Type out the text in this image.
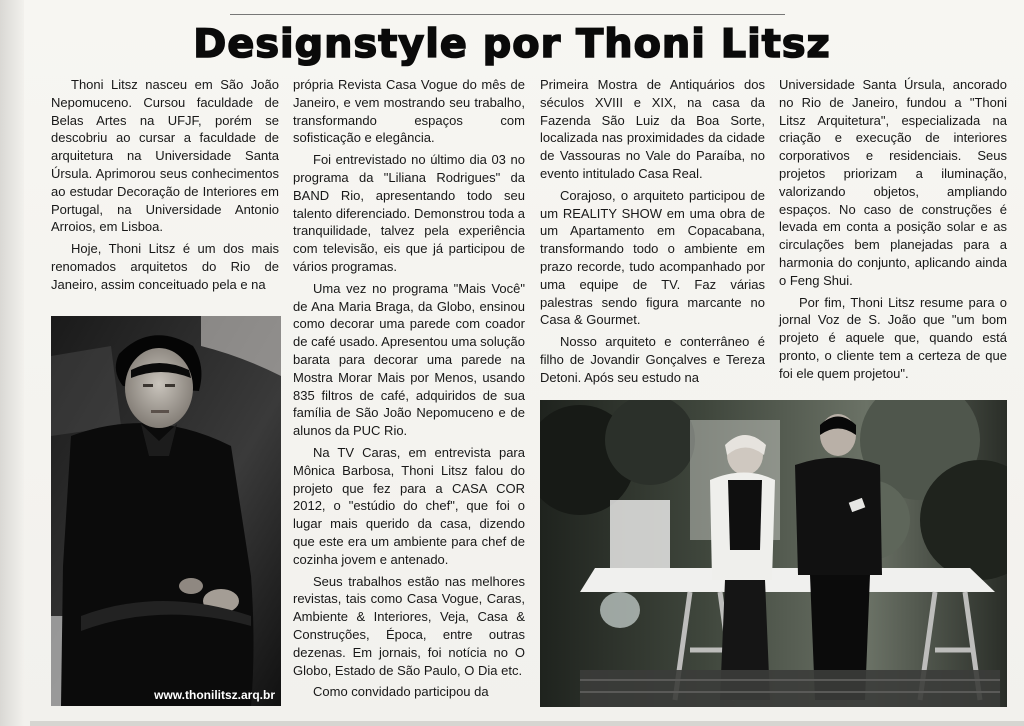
Designstyle por Thoni Litsz

Thoni Litsz nasceu em São João Nepomuceno. Cursou faculdade de Belas Artes na UFJF, porém se descobriu ao cursar a faculdade de arquitetura na Universidade Santa Úrsula. Aprimorou seus conhecimentos ao estudar Decoração de Interiores em Portugal, na Universidade Antonio Arroios, em Lisboa.

Hoje, Thoni Litsz é um dos mais renomados arquitetos do Rio de Janeiro, assim conceituado pela e na

própria Revista Casa Vogue do mês de Janeiro, e vem mostrando seu trabalho, transformando espaços com sofisticação e elegância.

Foi entrevistado no último dia 03 no programa da "Liliana Rodrigues" da BAND Rio, apresentando todo seu talento diferenciado. Demonstrou toda a tranquilidade, talvez pela experiência com televisão, eis que já participou de vários programas.

Uma vez no programa "Mais Você" de Ana Maria Braga, da Globo, ensinou como decorar uma parede com coador de café usado. Apresentou uma solução barata para decorar uma parede na Mostra Morar Mais por Menos, usando 835 filtros de café, adquiridos de sua família de São João Nepomuceno e de alunos da PUC Rio.

Na TV Caras, em entrevista para Mônica Barbosa, Thoni Litsz falou do projeto que fez para a CASA COR 2012, o "estúdio do chef", que foi o lugar mais querido da casa, dizendo que este era um ambiente para chef de cozinha jovem e antenado.

Seus trabalhos estão nas melhores revistas, tais como Casa Vogue, Caras, Ambiente & Interiores, Veja, Casa & Construções, Época, entre outras dezenas. Em jornais, foi notícia no O Globo, Estado de São Paulo, O Dia etc.

Como convidado participou da

Primeira Mostra de Antiquários dos séculos XVIII e XIX, na casa da Fazenda São Luiz da Boa Sorte, localizada nas proximidades da cidade de Vassouras no Vale do Paraíba, no evento intitulado Casa Real.

Corajoso, o arquiteto participou de um REALITY SHOW em uma obra de um Apartamento em Copacabana, transformando todo o ambiente em prazo recorde, tudo acompanhado por uma equipe de TV. Faz várias palestras sendo figura marcante no Casa & Gourmet.

Nosso arquiteto e conterrâneo é filho de Jovandir Gonçalves e Tereza Detoni. Após seu estudo na

Universidade Santa Úrsula, ancorado no Rio de Janeiro, fundou a "Thoni Litsz Arquitetura", especializada na criação e execução de interiores corporativos e residenciais. Seus projetos priorizam a iluminação, valorizando objetos, ampliando espaços. No caso de construções é levada em conta a posição solar e as circulações bem planejadas para a harmonia do conjunto, aplicando ainda o Feng Shui.

Por fim, Thoni Litsz resume para o jornal Voz de S. João que "um bom projeto é aquele que, quando está pronto, o cliente tem a certeza de que foi ele quem projetou".

www.thonilitsz.arq.br
